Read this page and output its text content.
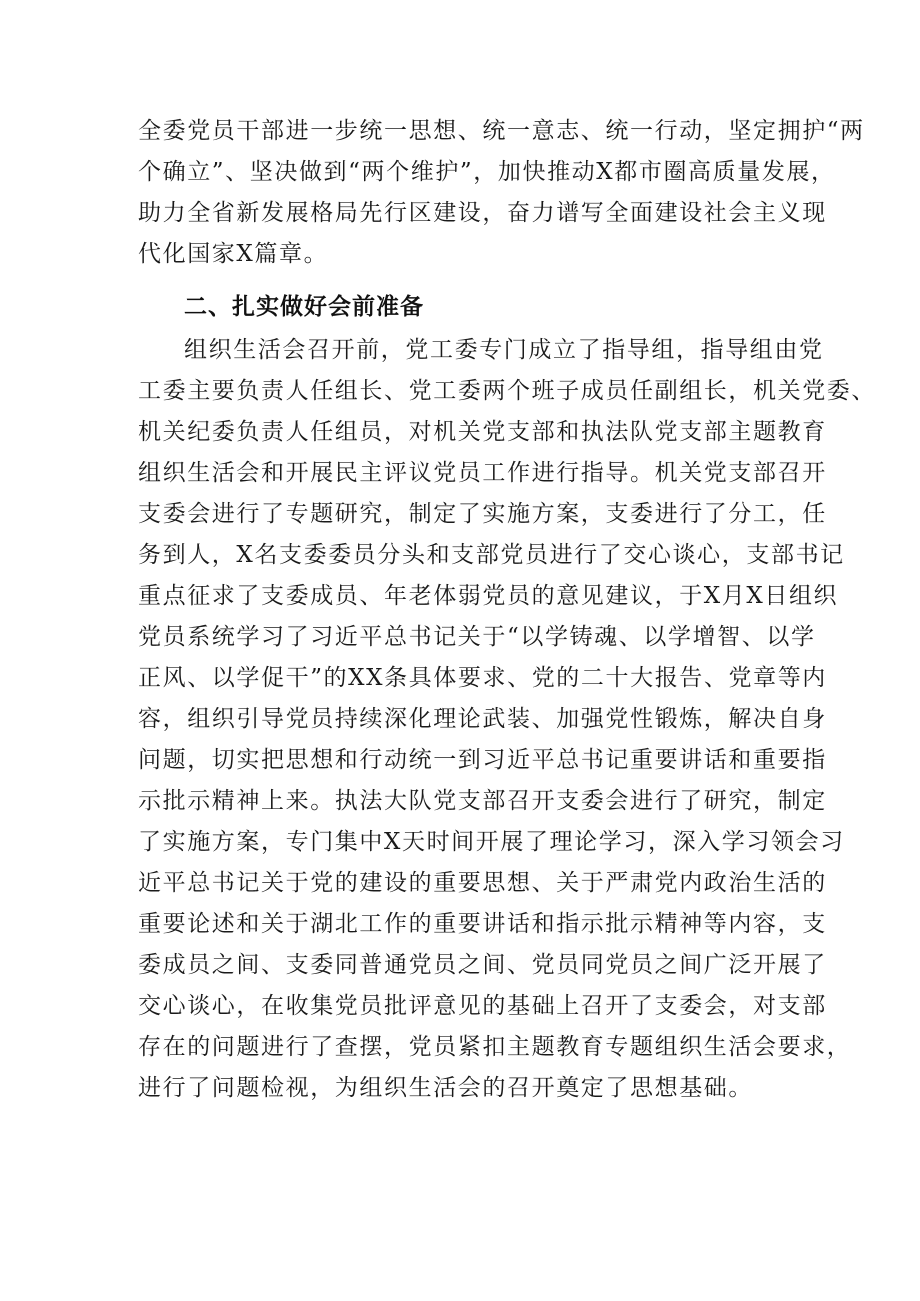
全委党员干部进一步统一思想、统一意志、统一行动，坚定拥护“两
个确立”、坚决做到“两个维护”，加快推动X都市圈高质量发展，
助力全省新发展格局先行区建设，奋力谱写全面建设社会主义现
代化国家X篇章。
二、扎实做好会前准备
组织生活会召开前，党工委专门成立了指导组，指导组由党
工委主要负责人任组长、党工委两个班子成员任副组长，机关党委、
机关纪委负责人任组员，对机关党支部和执法队党支部主题教育
组织生活会和开展民主评议党员工作进行指导。机关党支部召开
支委会进行了专题研究，制定了实施方案，支委进行了分工，任
务到人，X名支委委员分头和支部党员进行了交心谈心，支部书记
重点征求了支委成员、年老体弱党员的意见建议，于X月X日组织
党员系统学习了习近平总书记关于“以学铸魂、以学增智、以学
正风、以学促干”的XX条具体要求、党的二十大报告、党章等内
容，组织引导党员持续深化理论武装、加强党性锻炼，解决自身
问题，切实把思想和行动统一到习近平总书记重要讲话和重要指
示批示精神上来。执法大队党支部召开支委会进行了研究，制定
了实施方案，专门集中X天时间开展了理论学习，深入学习领会习
近平总书记关于党的建设的重要思想、关于严肃党内政治生活的
重要论述和关于湖北工作的重要讲话和指示批示精神等内容，支
委成员之间、支委同普通党员之间、党员同党员之间广泛开展了
交心谈心，在收集党员批评意见的基础上召开了支委会，对支部
存在的问题进行了查摆，党员紧扣主题教育专题组织生活会要求，
进行了问题检视，为组织生活会的召开奠定了思想基础。
